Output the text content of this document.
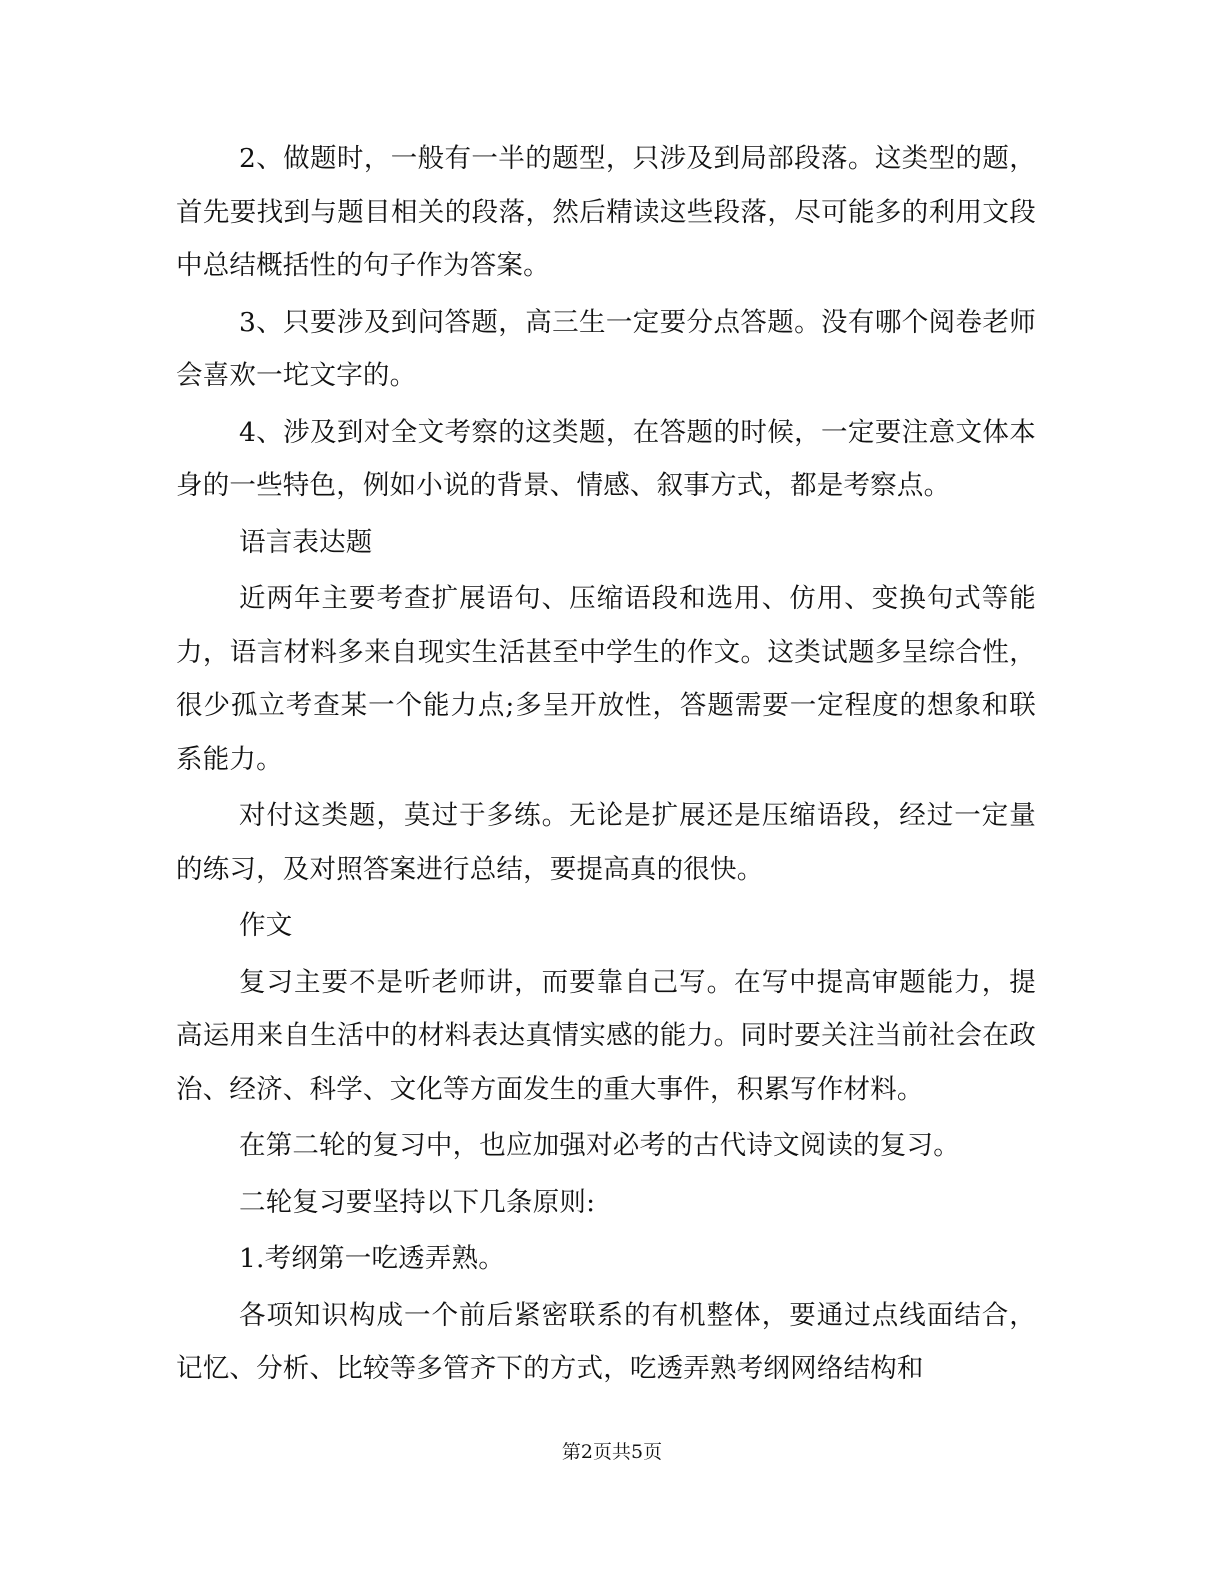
2、做题时，一般有一半的题型，只涉及到局部段落。这类型的题，首先要找到与题目相关的段落，然后精读这些段落，尽可能多的利用文段中总结概括性的句子作为答案。

3、只要涉及到问答题，高三生一定要分点答题。没有哪个阅卷老师会喜欢一坨文字的。

4、涉及到对全文考察的这类题，在答题的时候，一定要注意文体本身的一些特色，例如小说的背景、情感、叙事方式，都是考察点。

语言表达题

近两年主要考查扩展语句、压缩语段和选用、仿用、变换句式等能力，语言材料多来自现实生活甚至中学生的作文。这类试题多呈综合性，很少孤立考查某一个能力点;多呈开放性，答题需要一定程度的想象和联系能力。

对付这类题，莫过于多练。无论是扩展还是压缩语段，经过一定量的练习，及对照答案进行总结，要提高真的很快。

作文

复习主要不是听老师讲，而要靠自己写。在写中提高审题能力，提高运用来自生活中的材料表达真情实感的能力。同时要关注当前社会在政治、经济、科学、文化等方面发生的重大事件，积累写作材料。

在第二轮的复习中，也应加强对必考的古代诗文阅读的复习。

二轮复习要坚持以下几条原则:

1.考纲第一吃透弄熟。

各项知识构成一个前后紧密联系的有机整体，要通过点线面结合，记忆、分析、比较等多管齐下的方式，吃透弄熟考纲网络结构和

第2页共5页
